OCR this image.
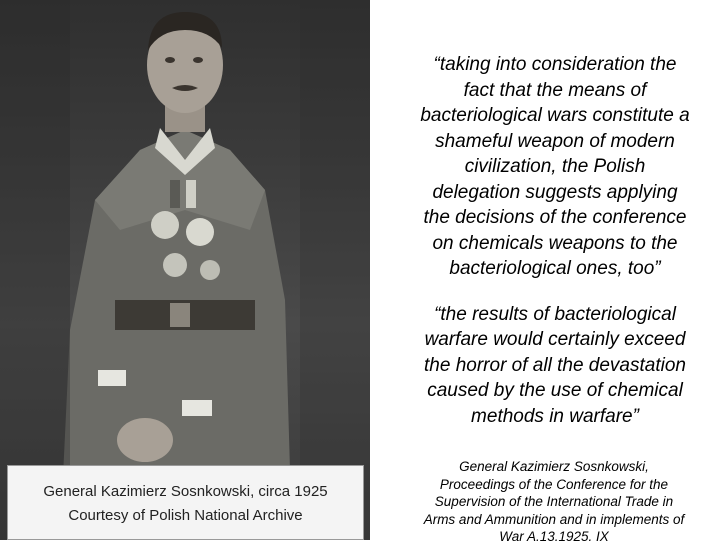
General Kazimierz Sosnkowski, circa 1925
Courtesy of Polish National Archive
“taking into consideration the
fact that the means of
bacteriological wars constitute a
shameful weapon of modern
civilization, the Polish
delegation suggests applying
the decisions of the conference
on chemicals weapons to the
bacteriological ones, too”
“the results of bacteriological
warfare would certainly exceed
the horror of all the devastation
caused by the use of chemical
methods in warfare”
General Kazimierz Sosnkowski,
Proceedings of the Conference for the
Supervision of the International Trade in
Arms and Ammunition and in implements of
War A.13.1925. IX
